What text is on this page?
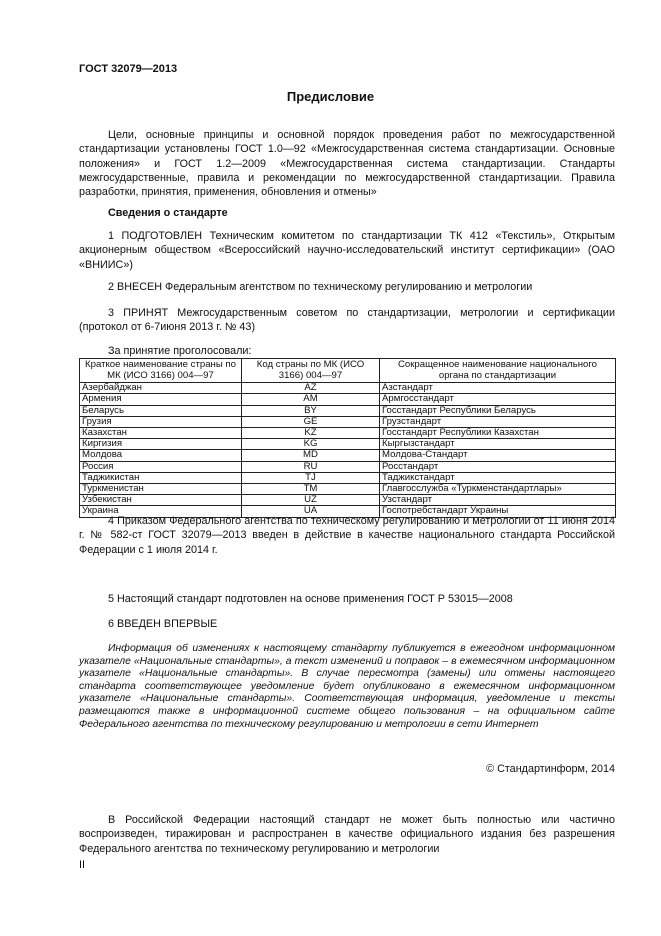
ГОСТ 32079—2013
Предисловие

Цели, основные принципы и основной порядок проведения работ по межгосударственной стандартизации установлены ГОСТ 1.0—92 «Межгосударственная система стандартизации. Основные положения» и ГОСТ 1.2—2009 «Межгосударственная система стандартизации. Стандарты межгосударственные, правила и рекомендации по межгосударственной стандартизации. Правила разработки, принятия, применения, обновления и отмены»

Сведения о стандарте

1 ПОДГОТОВЛЕН Техническим комитетом по стандартизации ТК 412 «Текстиль», Открытым акционерным обществом «Всероссийский научно-исследовательский институт сертификации» (ОАО «ВНИИС»)

2 ВНЕСЕН Федеральным агентством по техническому регулированию и метрологии

3 ПРИНЯТ Межгосударственным советом по стандартизации, метрологии и сертификации (протокол от 6-7июня 2013 г. № 43)

За принятие проголосовали:
Краткое наименование страны по МК (ИСО 3166) 004—97	Код страны по МК (ИСО 3166) 004—97	Сокращенное наименование национального органа по стандартизации
Азербайджан	AZ	Азстандарт
Армения	AM	Армгосстандарт
Беларусь	BY	Госстандарт Республики Беларусь
Грузия	GE	Грузстандарт
Казахстан	KZ	Госстандарт Республики Казахстан
Киргизия	KG	Кыргызстандарт
Молдова	MD	Молдова-Стандарт
Россия	RU	Росстандарт
Таджикистан	TJ	Таджикстандарт
Туркменистан	TM	Главгосслужба «Туркменстандартлары»
Узбекистан	UZ	Узстандарт
Украина	UA	Госпотребстандарт Украины

4 Приказом Федерального агентства по техническому регулированию и метрологии от 11 июня 2014 г. № 582-ст ГОСТ 32079—2013 введен в действие в качестве национального стандарта Российской Федерации с 1 июля 2014 г.

5 Настоящий стандарт подготовлен на основе применения ГОСТ Р 53015—2008

6 ВВЕДЕН ВПЕРВЫЕ

Информация об изменениях к настоящему стандарту публикуется в ежегодном информационном указателе «Национальные стандарты», а текст изменений и поправок – в ежемесячном информационном указателе «Национальные стандарты». В случае пересмотра (замены) или отмены настоящего стандарта соответствующее уведомление будет опубликовано в ежемесячном информационном указателе «Национальные стандарты». Соответствующая информация, уведомление и тексты размещаются также в информационной системе общего пользования – на официальном сайте Федерального агентства по техническому регулированию и метрологии в сети Интернет

© Стандартинформ, 2014

В Российской Федерации настоящий стандарт не может быть полностью или частично воспроизведен, тиражирован и распространен в качестве официального издания без разрешения Федерального агентства по техническому регулированию и метрологии

II
